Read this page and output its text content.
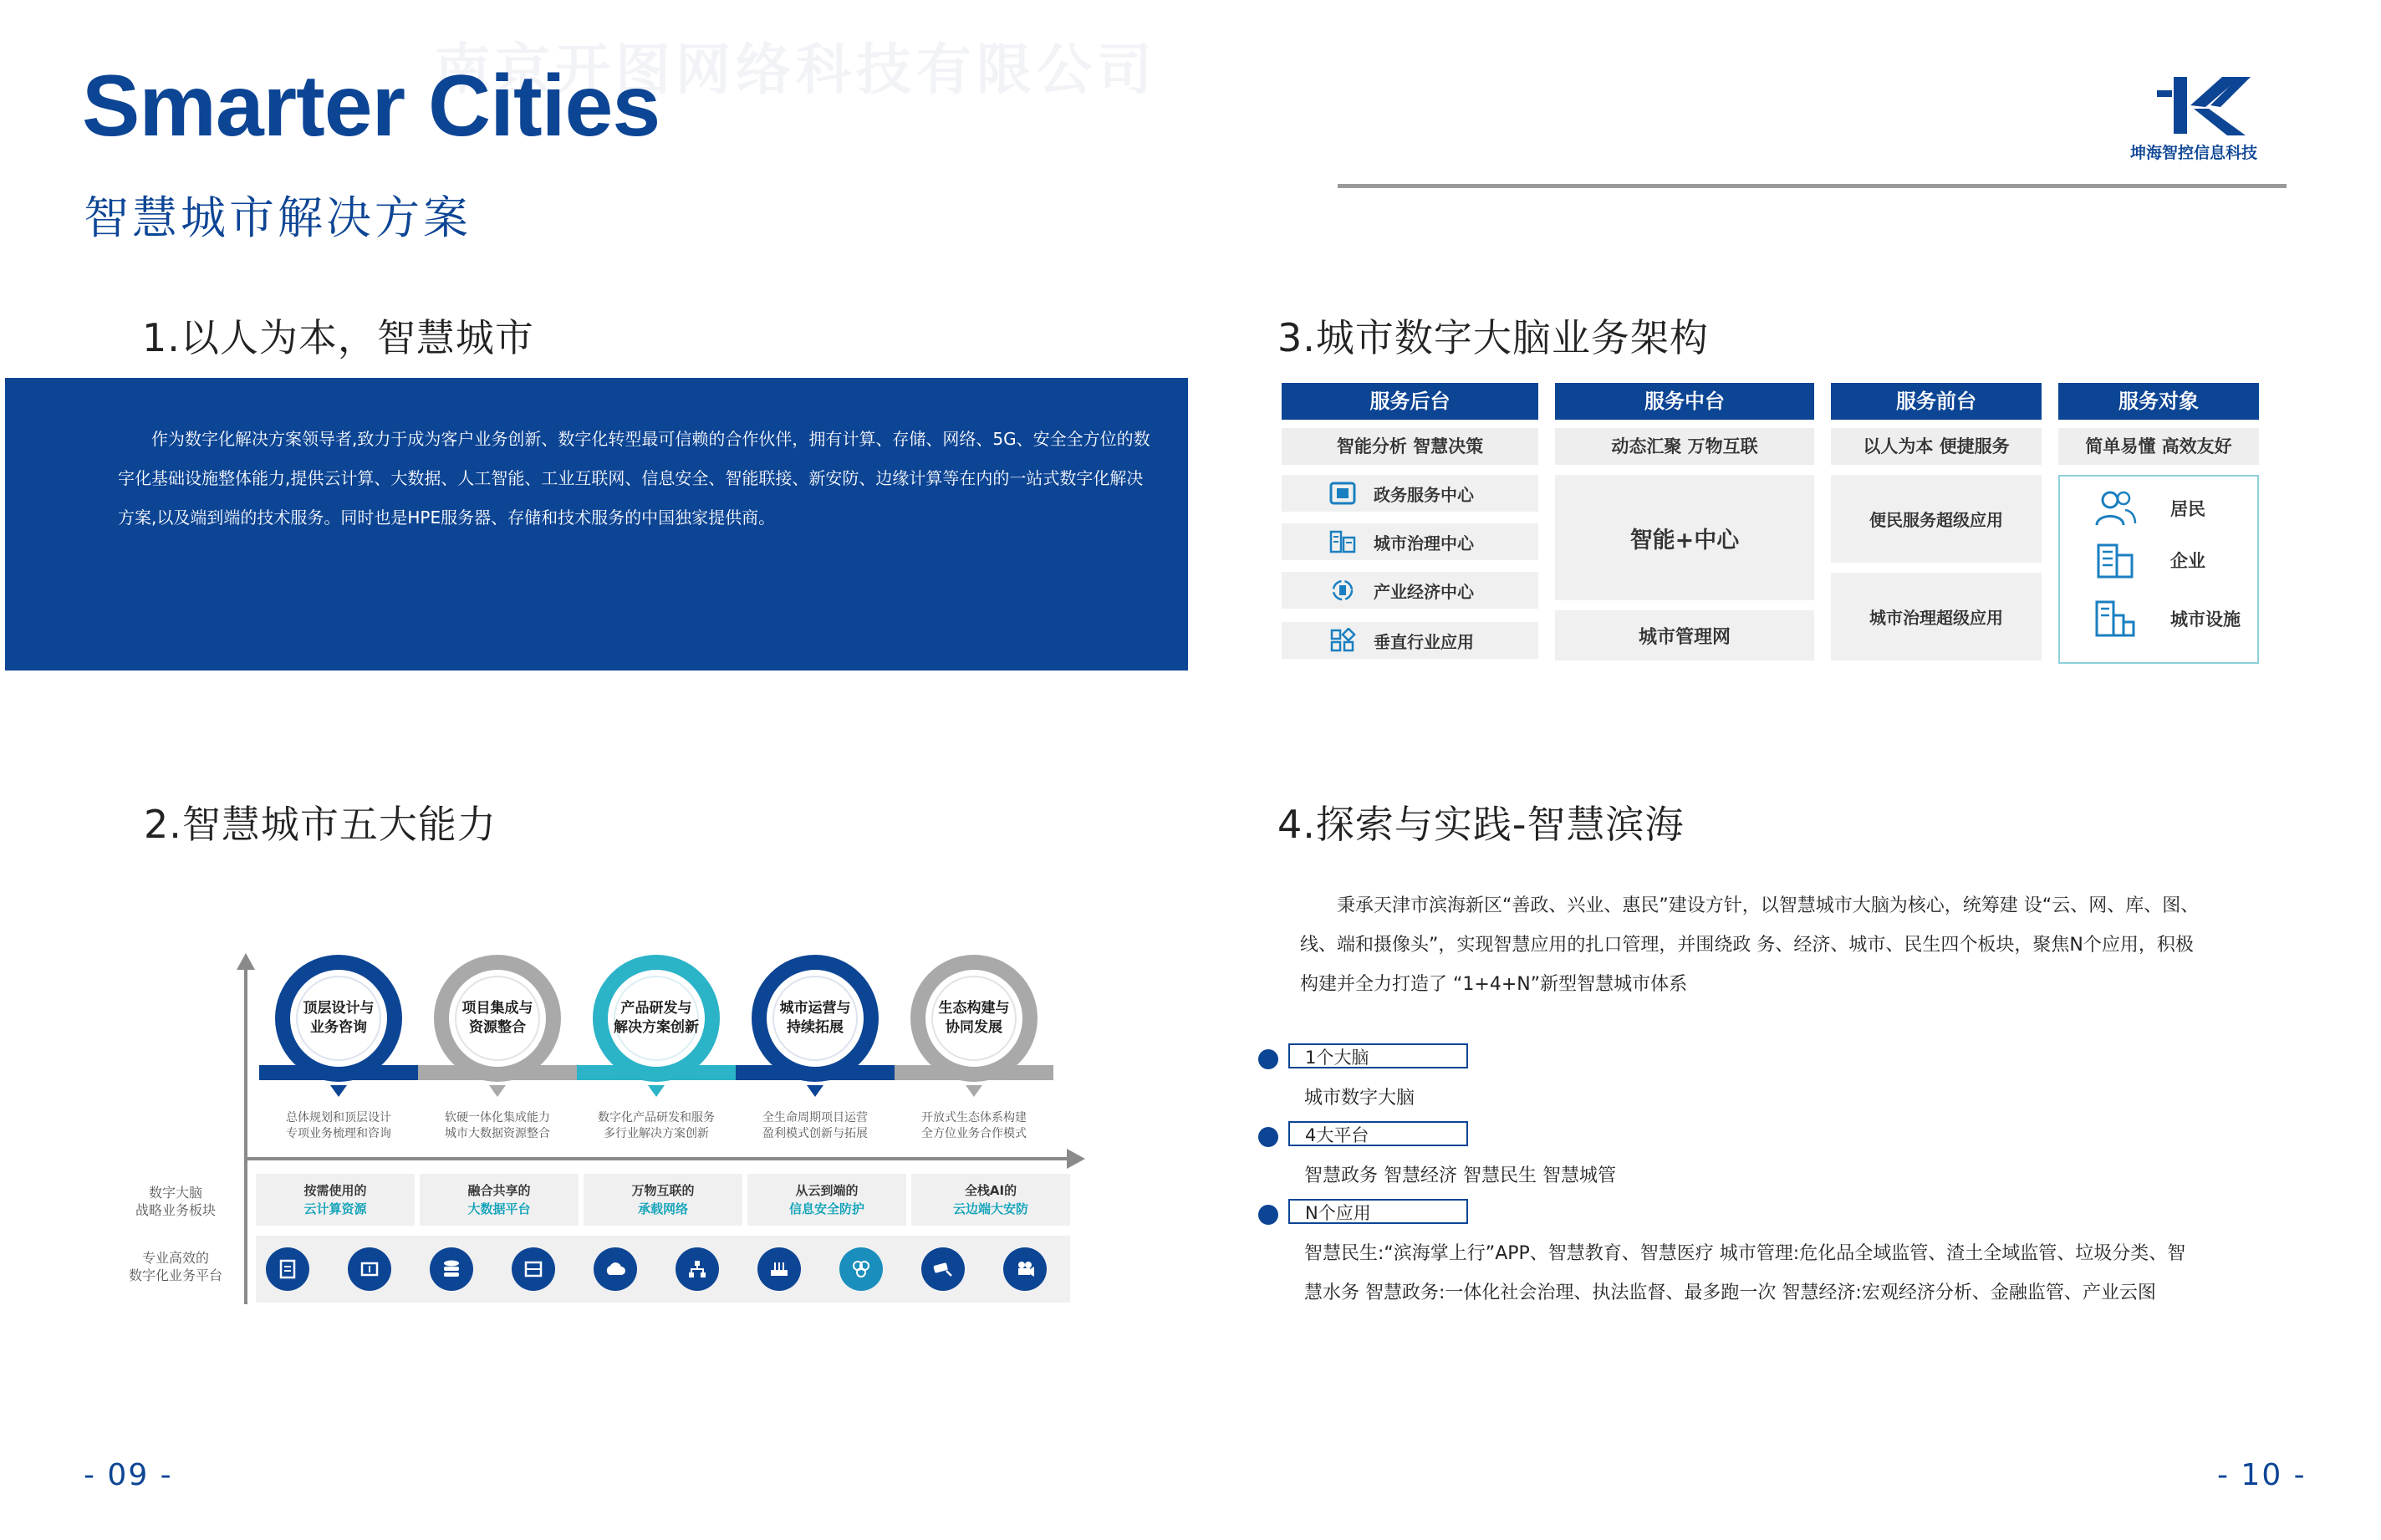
南京开图网络科技有限公司
Smarter Cities
智慧城市解决方案
坤海智控信息科技
1.以人为本，智慧城市

作为数字化解决方案领导者,致力于成为客户业务创新、数字化转型最可信赖的合作伙伴，拥有计算、存储、网络、5G、安全全方位的数字化基础设施整体能力,提供云计算、大数据、人工智能、工业互联网、信息安全、智能联接、新安防、边缘计算等在内的一站式数字化解决方案,以及端到端的技术服务。同时也是HPE服务器、存储和技术服务的中国独家提供商。

3.城市数字大脑业务架构
服务后台
智能分析 智慧决策
政务服务中心
城市治理中心
产业经济中心
垂直行业应用
服务中台
动态汇聚 万物互联
智能+中心
城市管理网
服务前台
以人为本 便捷服务
便民服务超级应用
城市治理超级应用
服务对象
简单易懂 高效友好
居民
企业
城市设施
2.智慧城市五大能力
顶层设计与
业务咨询
项目集成与
资源整合
产品研发与
解决方案创新
城市运营与
持续拓展
生态构建与
协同发展
总体规划和顶层设计
专项业务梳理和咨询
软硬一体化集成能力
城市大数据资源整合
数字化产品研发和服务
多行业解决方案创新
全生命周期项目运营
盈利模式创新与拓展
开放式生态体系构建
全方位业务合作模式
数字大脑
战略业务板块
专业高效的
数字化业务平台
按需使用的
云计算资源
融合共享的
大数据平台
万物互联的
承载网络
从云到端的
信息安全防护
全栈AI的
云边端大安防
4.探索与实践-智慧滨海
秉承天津市滨海新区“善政、兴业、惠民”建设方针，以智慧城市大脑为核心，统筹建 设“云、网、库、图、线、端和摄像头”，实现智慧应用的扎口管理，并围绕政 务、经济、城市、民生四个板块，聚焦N个应用，积极构建并全力打造了 “1+4+N”新型智慧城市体系
1个大脑
城市数字大脑
4大平台
智慧政务 智慧经济 智慧民生 智慧城管
N个应用
智慧民生:“滨海掌上行”APP、智慧教育、智慧医疗 城市管理:危化品全域监管、渣土全域监管、垃圾分类、智慧水务 智慧政务:一体化社会治理、执法监督、最多跑一次 智慧经济:宏观经济分析、金融监管、产业云图
- 09 -	- 10 -
